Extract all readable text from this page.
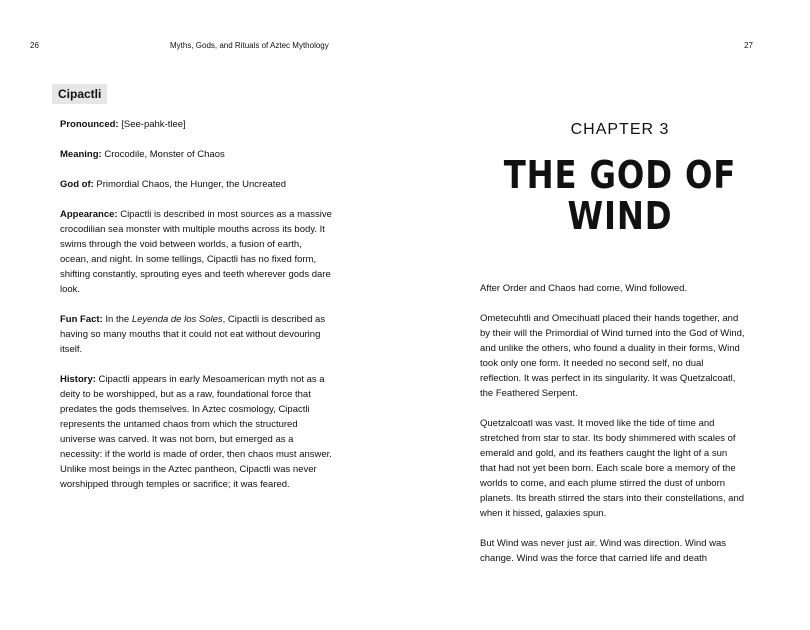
26	Myths, Gods, and Rituals of Aztec Mythology
Cipactli

Pronounced: [See-pahk-tlee]

Meaning: Crocodile, Monster of Chaos

God of: Primordial Chaos, the Hunger, the Uncreated

Appearance: Cipactli is described in most sources as a massive crocodilian sea monster with multiple mouths across its body. It swims through the void between worlds, a fusion of earth, ocean, and night. In some tellings, Cipactli has no fixed form, shifting constantly, sprouting eyes and teeth wherever gods dare look.

Fun Fact: In the Leyenda de los Soles, Cipactli is described as having so many mouths that it could not eat without devouring itself.

History: Cipactli appears in early Mesoamerican myth not as a deity to be worshipped, but as a raw, foundational force that predates the gods themselves. In Aztec cosmology, Cipactli represents the untamed chaos from which the structured universe was carved. It was not born, but emerged as a necessity: if the world is made of order, then chaos must answer. Unlike most beings in the Aztec pantheon, Cipactli was never worshipped through temples or sacrifice; it was feared.

27
CHAPTER 3
THE GOD OF WIND

After Order and Chaos had come, Wind followed.

Ometecuhtli and Omecihuatl placed their hands together, and by their will the Primordial of Wind turned into the God of Wind, and unlike the others, who found a duality in their forms, Wind took only one form. It needed no second self, no dual reflection. It was perfect in its singularity. It was Quetzalcoatl, the Feathered Serpent.

Quetzalcoatl was vast. It moved like the tide of time and stretched from star to star. Its body shimmered with scales of emerald and gold, and its feathers caught the light of a sun that had not yet been born. Each scale bore a memory of the worlds to come, and each plume stirred the dust of unborn planets. Its breath stirred the stars into their constellations, and when it hissed, galaxies spun.

But Wind was never just air. Wind was direction. Wind was change. Wind was the force that carried life and death
